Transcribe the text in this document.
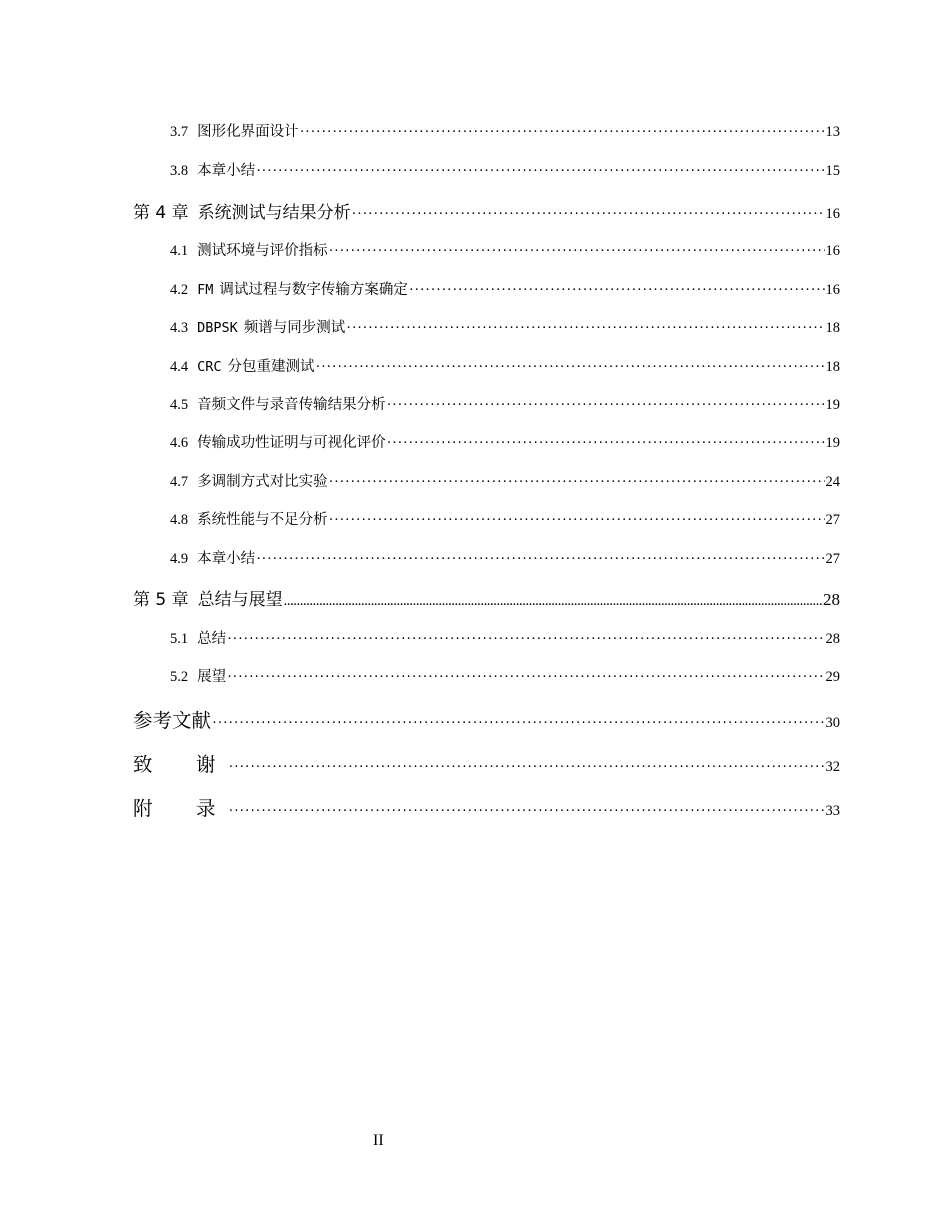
3.7 图形化界面设计 ·····	13
3.8 本章小结 ·····	15
第 4 章 系统测试与结果分析 ·····	16
4.1 测试环境与评价指标 ·····	16
4.2 FM 调试过程与数字传输方案确定 ·····	16
4.3 DBPSK 频谱与同步测试 ·····	18
4.4 CRC 分包重建测试 ·····	18
4.5 音频文件与录音传输结果分析 ·····	19
4.6 传输成功性证明与可视化评价 ·····	19
4.7 多调制方式对比实验 ·····	24
4.8 系统性能与不足分析 ·····	27
4.9 本章小结 ·····	27
第 5 章 总结与展望 .....	28
5.1 总结 ·····	28
5.2 展望 ·····	29
参考文献 ·····	30
致　谢 ·····	32
附　录 ·····	33
II
